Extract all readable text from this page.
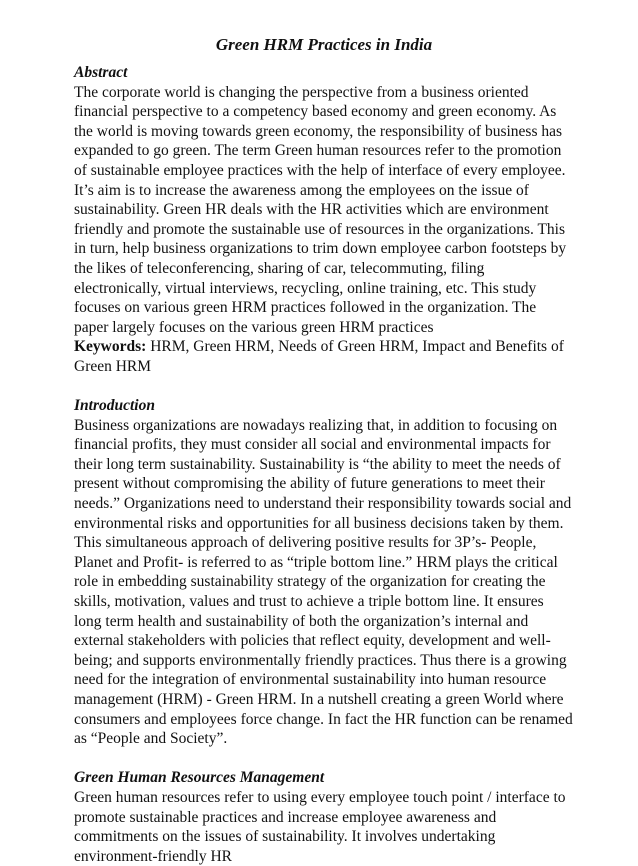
Green HRM Practices in India
Abstract

The corporate world is changing the perspective from a business oriented financial perspective to a competency based economy and green economy. As the world is moving towards green economy, the responsibility of business has expanded to go green. The term Green human resources refer to the promotion of sustainable employee practices with the help of interface of every employee. It’s aim is to increase the awareness among the employees on the issue of sustainability. Green HR deals with the HR activities which are environment friendly and promote the sustainable use of resources in the organizations. This in turn, help business organizations to trim down employee carbon footsteps by the likes of teleconferencing, sharing of car, telecommuting, filing electronically, virtual interviews, recycling, online training, etc. This study focuses on various green HRM practices followed in the organization. The paper largely focuses on the various green HRM practices

Keywords: HRM, Green HRM, Needs of Green HRM, Impact and Benefits of Green HRM

Introduction

Business organizations are nowadays realizing that, in addition to focusing on financial profits, they must consider all social and environmental impacts for their long term sustainability. Sustainability is “the ability to meet the needs of present without compromising the ability of future generations to meet their needs.” Organizations need to understand their responsibility towards social and environmental risks and opportunities for all business decisions taken by them. This simultaneous approach of delivering positive results for 3P’s- People, Planet and Profit- is referred to as “triple bottom line.” HRM plays the critical role in embedding sustainability strategy of the organization for creating the skills, motivation, values and trust to achieve a triple bottom line. It ensures long term health and sustainability of both the organization’s internal and external stakeholders with policies that reflect equity, development and well- being; and supports environmentally friendly practices. Thus there is a growing need for the integration of environmental sustainability into human resource management (HRM) - Green HRM. In a nutshell creating a green World where consumers and employees force change. In fact the HR function can be renamed as “People and Society”.

Green Human Resources Management

Green human resources refer to using every employee touch point / interface to promote sustainable practices and increase employee awareness and commitments on the issues of sustainability. It involves undertaking environment-friendly HR
